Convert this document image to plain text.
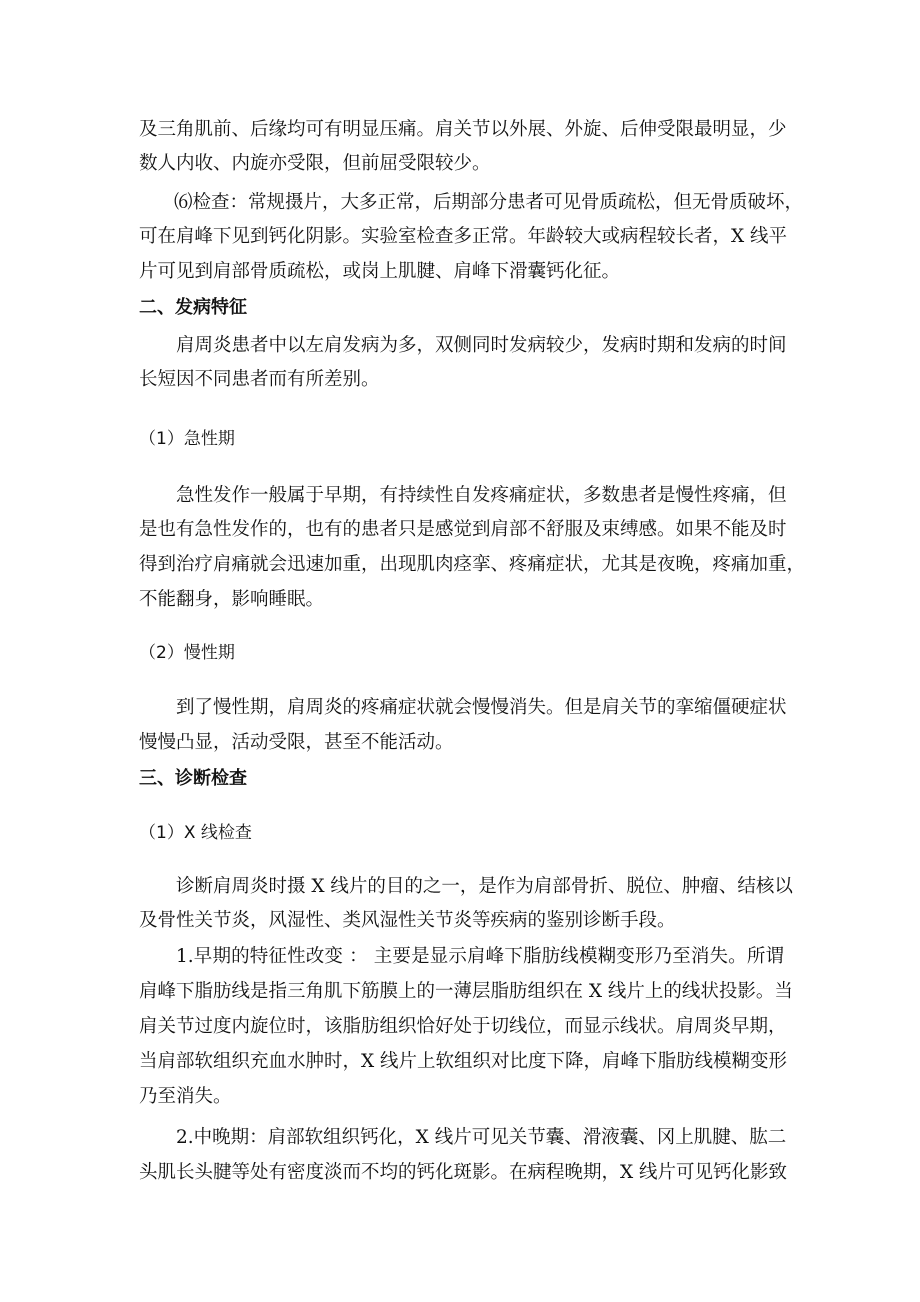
及三角肌前、后缘均可有明显压痛。肩关节以外展、外旋、后伸受限最明显，少
数人内收、内旋亦受限，但前屈受限较少。
⑹检查：常规摄片，大多正常，后期部分患者可见骨质疏松，但无骨质破坏，
可在肩峰下见到钙化阴影。实验室检查多正常。年龄较大或病程较长者，X 线平
片可见到肩部骨质疏松，或岗上肌腱、肩峰下滑囊钙化征。
二、发病特征
肩周炎患者中以左肩发病为多，双侧同时发病较少，发病时期和发病的时间
长短因不同患者而有所差别。
（1）急性期
急性发作一般属于早期，有持续性自发疼痛症状，多数患者是慢性疼痛，但
是也有急性发作的，也有的患者只是感觉到肩部不舒服及束缚感。如果不能及时
得到治疗肩痛就会迅速加重，出现肌肉痉挛、疼痛症状，尤其是夜晚，疼痛加重，
不能翻身，影响睡眠。
（2）慢性期
到了慢性期，肩周炎的疼痛症状就会慢慢消失。但是肩关节的挛缩僵硬症状
慢慢凸显，活动受限，甚至不能活动。
三、诊断检查
（1）X 线检查
诊断肩周炎时摄 X 线片的目的之一，是作为肩部骨折、脱位、肿瘤、结核以
及骨性关节炎，风湿性、类风湿性关节炎等疾病的鉴别诊断手段。
1.早期的特征性改变 ： 主要是显示肩峰下脂肪线模糊变形乃至消失。所谓
肩峰下脂肪线是指三角肌下筋膜上的一薄层脂肪组织在 X 线片上的线状投影。当
肩关节过度内旋位时，该脂肪组织恰好处于切线位，而显示线状。肩周炎早期，
当肩部软组织充血水肿时，X 线片上软组织对比度下降，肩峰下脂肪线模糊变形
乃至消失。
2.中晚期：肩部软组织钙化，X 线片可见关节囊、滑液囊、冈上肌腱、肱二
头肌长头腱等处有密度淡而不均的钙化斑影。在病程晚期，X 线片可见钙化影致
